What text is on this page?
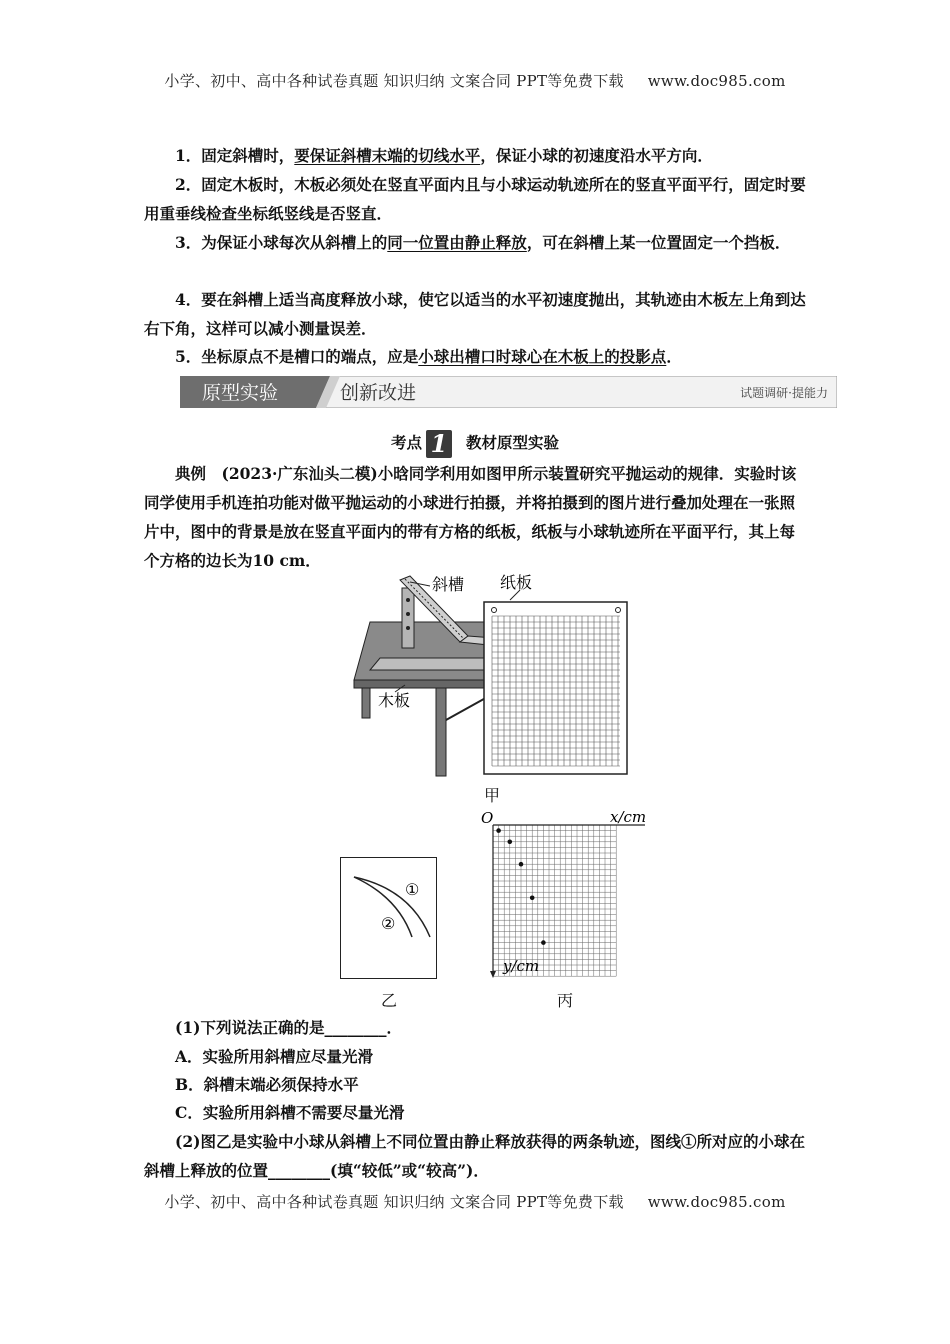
小学、初中、高中各种试卷真题 知识归纳 文案合同 PPT等免费下载 www.doc985.com
1．固定斜槽时，要保证斜槽末端的切线水平，保证小球的初速度沿水平方向．
2．固定木板时，木板必须处在竖直平面内且与小球运动轨迹所在的竖直平面平行，固定时要用重垂线检查坐标纸竖线是否竖直．
3．为保证小球每次从斜槽上的同一位置由静止释放，可在斜槽上某一位置固定一个挡板．
4．要在斜槽上适当高度释放小球，使它以适当的水平初速度抛出，其轨迹由木板左上角到达右下角，这样可以减小测量误差．
5．坐标原点不是槽口的端点，应是小球出槽口时球心在木板上的投影点．
原型实验	创新改进	试题调研·提能力
考点 1 教材原型实验
典例　 (2023·广东汕头二模)小晗同学利用如图甲所示装置研究平抛运动的规律．实验时该同学使用手机连拍功能对做平抛运动的小球进行拍摄，并将拍摄到的图片进行叠加处理在一张照片中，图中的背景是放在竖直平面内的带有方格的纸板，纸板与小球轨迹所在平面平行，其上每个方格的边长为10 cm．
斜槽 纸板
木板
甲
①
②
乙
O	x/cm
y/cm
丙
(1)下列说法正确的是________．
A．实验所用斜槽应尽量光滑
B．斜槽末端必须保持水平
C．实验所用斜槽不需要尽量光滑
(2)图乙是实验中小球从斜槽上不同位置由静止释放获得的两条轨迹，图线①所对应的小球在斜槽上释放的位置________(填“较低”或“较高”)．
小学、初中、高中各种试卷真题 知识归纳 文案合同 PPT等免费下载 www.doc985.com
